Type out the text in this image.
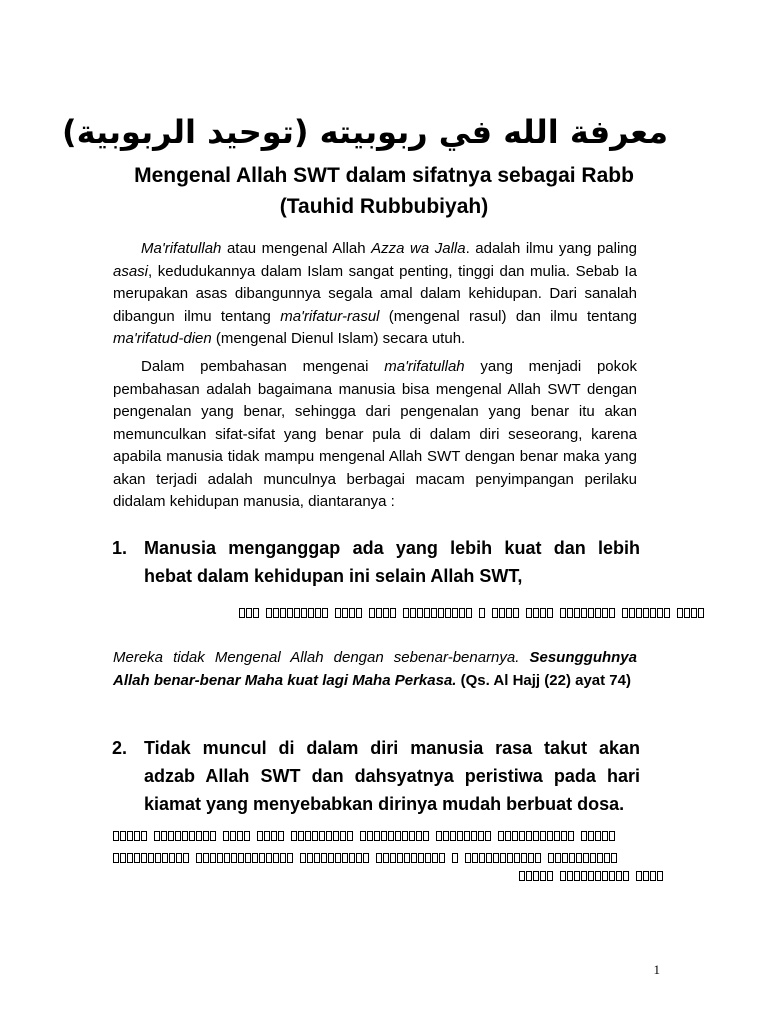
معرفة الله في ربوبيته (توحيد الربوبية)
Mengenal Allah SWT dalam sifatnya sebagai Rabb
(Tauhid Rubbubiyah)
Ma'rifatullah atau mengenal Allah Azza wa Jalla. adalah ilmu yang paling asasi, kedudukannya dalam Islam sangat penting, tinggi dan mulia. Sebab Ia merupakan asas dibangunnya segala amal dalam kehidupan. Dari sanalah dibangun ilmu tentang ma'rifatur-rasul (mengenal rasul) dan ilmu tentang ma'rifatud-dien (mengenal Dienul Islam) secara utuh.
Dalam pembahasan mengenai ma'rifatullah yang menjadi pokok pembahasan adalah bagaimana manusia bisa mengenal Allah SWT dengan pengenalan yang benar, sehingga dari pengenalan yang benar itu akan memunculkan sifat-sifat yang benar pula di dalam diri seseorang, karena apabila manusia tidak mampu mengenal Allah SWT dengan benar maka yang akan terjadi adalah munculnya berbagai macam penyimpangan perilaku didalam kehidupan manusia, diantaranya :
1. Manusia menganggap ada yang lebih kuat dan lebih hebat dalam kehidupan ini selain Allah SWT,
Mereka tidak Mengenal Allah dengan sebenar-benarnya. Sesungguhnya Allah benar-benar Maha kuat lagi Maha Perkasa. (Qs. Al Hajj (22) ayat 74)
2. Tidak muncul di dalam diri manusia rasa takut akan adzab Allah SWT dan dahsyatnya peristiwa pada hari kiamat yang menyebabkan dirinya mudah berbuat dosa.
1
